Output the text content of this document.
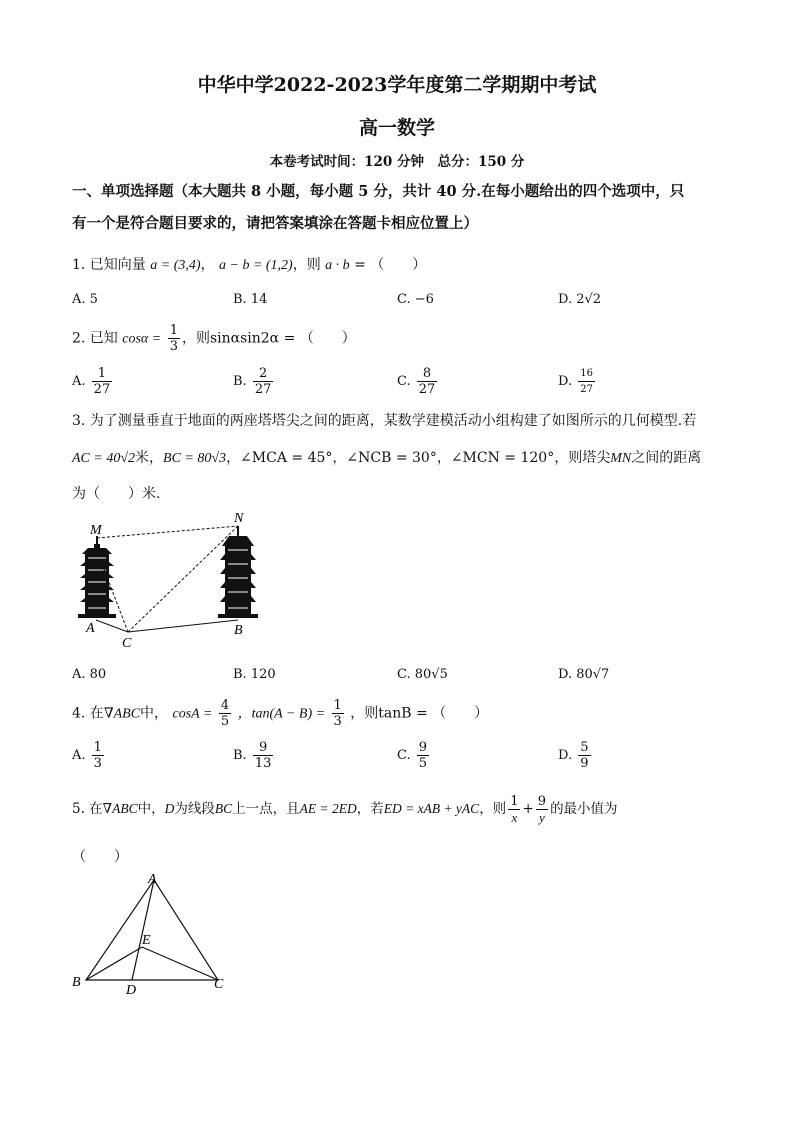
中华中学2022-2023学年度第二学期期中考试
高一数学
本卷考试时间：120 分钟　总分：150 分
一、单项选择题（本大题共 8 小题，每小题 5 分，共计 40 分.在每小题给出的四个选项中，只
有一个是符合题目要求的，请把答案填涂在答题卡相应位置上）
1. 已知向量 a = (3,4)， a − b = (1,2)，则 a · b = （　　）
A. 5	B. 14	C. −6	D. 2√2
2. 已知 $\cos\alpha = \frac{1}{3}$ ，则sinαsin2α = （　　）
A. $\frac{1}{27}$	B. $\frac{2}{27}$	C. $\frac{8}{27}$	D. $\frac{16}{27}$
3. 为了测量垂直于地面的两座塔塔尖之间的距离，某数学建模活动小组构建了如图所示的几何模型.若
AC = 40√2米，BC = 80√3，∠MCA = 45°，∠NCB = 30°，∠MCN = 120°，则塔尖MN之间的距离
为（　　）米.
M
N
A	B
C
A. 80	B. 120	C. 80√5	D. 80√7
4. 在∇ABC中， $\cos A = \frac{4}{5}$ ，$\tan(A - B) = \frac{1}{3}$ ，则tanB = （　　）
A. $\frac{1}{3}$	B. $\frac{9}{13}$	C. $\frac{9}{5}$	D. $\frac{5}{9}$
5. 在∇ABC中，D为线段BC上一点，且AE = 2ED，若ED = xAB + yAC，则 $\frac{1}{x} + \frac{9}{y}$ 的最小值为
（　　）
A
B	C
D
E
